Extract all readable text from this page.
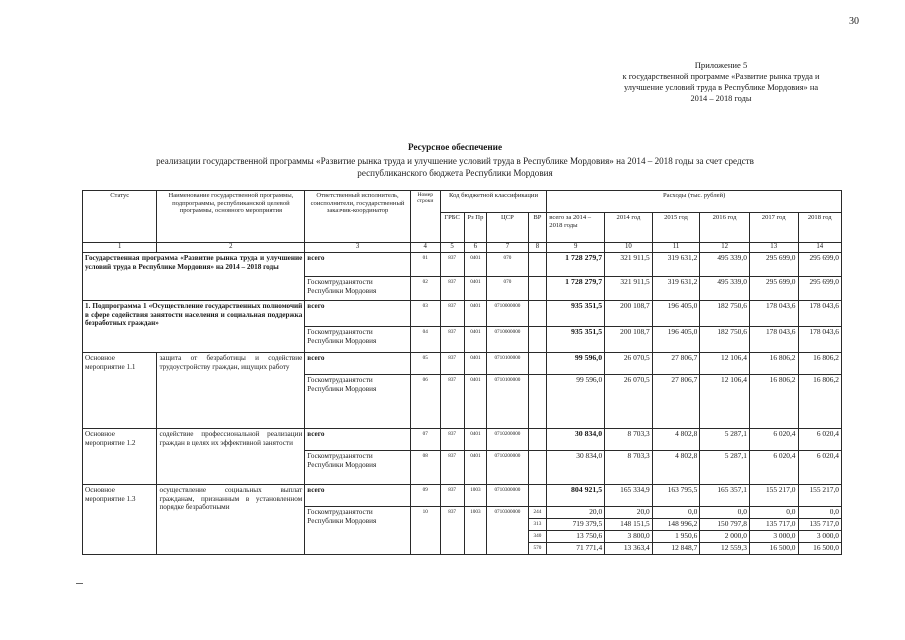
30
Приложение 5
к государственной программе «Развитие рынка труда и
улучшение условий труда в Республике Мордовия» на
2014 – 2018 годы
Ресурсное обеспечение
реализации государственной программы «Развитие рынка труда и улучшение условий труда в Республике Мордовия» на 2014 – 2018 годы за счет средств
республиканского бюджета Республики Мордовия
Статус	Наименование государственной программы, подпрограммы, республиканской целевой программы, основного мероприятия	Ответственный исполнитель, соисполнители, государственный заказчик-координатор	Номер строки	Код бюджетной классификации				Расходы (тыс. рублей)					
				ГРБС	Рз Пр	ЦСР	ВР	всего за 2014 – 2018 годы	2014 год	2015 год	2016 год	2017 год	2018 год
1	2	3	4	5	6	7	8	9	10	11	12	13	14
Государственная программа «Развитие рынка труда и улучшение условий труда в Республике Мордовия» на 2014 – 2018 годы		всего	01	837	0401	070		1 728 279,7	321 911,5	319 631,2	495 339,0	295 699,0	295 699,0
		Госкомтрудзанятости Республики Мордовия	02	837	0401	070		1 728 279,7	321 911,5	319 631,2	495 339,0	295 699,0	295 699,0
1. Подпрограмма 1 «Осуществление государственных полномочий в сфере содействия занятости населения и социальная поддержка безработных граждан»		всего	03	837	0401	0710000000		935 351,5	200 108,7	196 405,0	182 750,6	178 043,6	178 043,6
		Госкомтрудзанятости Республики Мордовия	04	837	0401	0710000000		935 351,5	200 108,7	196 405,0	182 750,6	178 043,6	178 043,6
Основное мероприятие 1.1	защита от безработицы и содействие трудоустройству граждан, ищущих работу	всего	05	837	0401	0710100000		99 596,0	26 070,5	27 806,7	12 106,4	16 806,2	16 806,2
		Госкомтрудзанятости Республики Мордовия	06	837	0401	0710100000		99 596,0	26 070,5	27 806,7	12 106,4	16 806,2	16 806,2
Основное мероприятие 1.2	содействие профессиональной реализации граждан в целях их эффективной занятости	всего	07	837	0401	0710200000		30 834,0	8 703,3	4 802,8	5 287,1	6 020,4	6 020,4
		Госкомтрудзанятости Республики Мордовия	08	837	0401	0710200000		30 834,0	8 703,3	4 802,8	5 287,1	6 020,4	6 020,4
Основное мероприятие 1.3	осуществление социальных выплат гражданам, признанным в установленном порядке безработными	всего	09	837	1003	0710300000		804 921,5	165 334,9	163 795,5	165 357,1	155 217,0	155 217,0
		Госкомтрудзанятости Республики Мордовия	10	837	1003	0710300000	244	20,0	20,0	0,0	0,0	0,0	0,0
							313	719 379,5	148 151,5	148 996,2	150 797,8	135 717,0	135 717,0
							340	13 750,6	3 800,0	1 950,6	2 000,0	3 000,0	3 000,0
							570	71 771,4	13 363,4	12 848,7	12 559,3	16 500,0	16 500,0
